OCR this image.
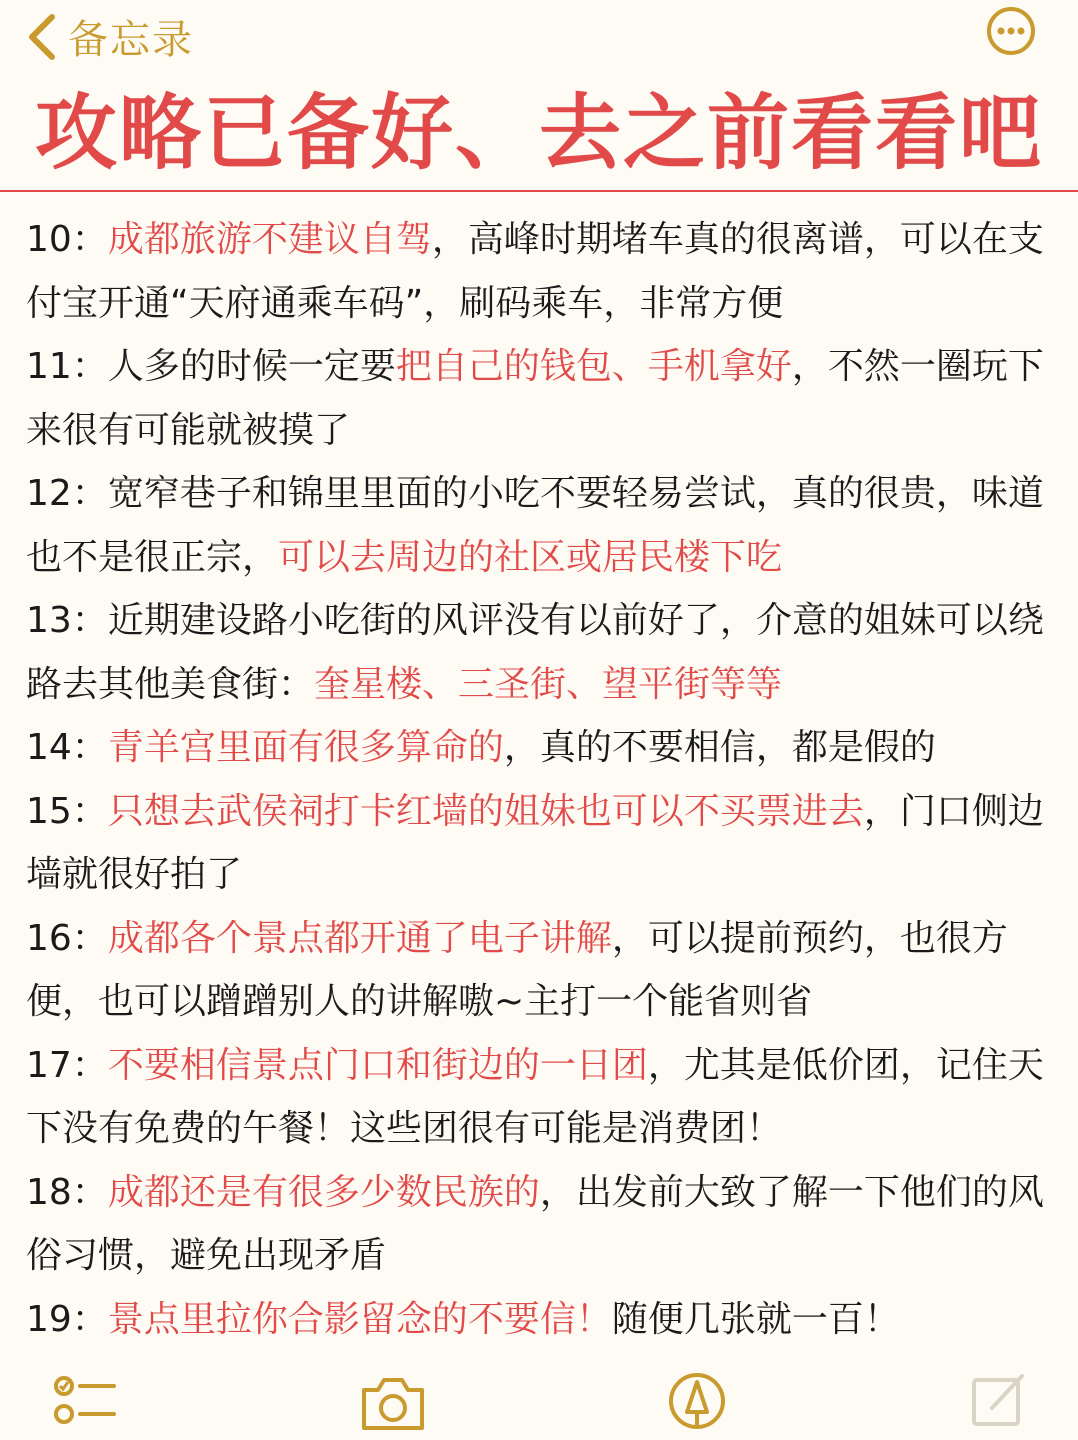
备忘录
攻略已备好、去之前看看吧

10：成都旅游不建议自驾，高峰时期堵车真的很离谱，可以在支付宝开通“天府通乘车码”，刷码乘车，非常方便

11：人多的时候一定要把自己的钱包、手机拿好，不然一圈玩下来很有可能就被摸了

12：宽窄巷子和锦里里面的小吃不要轻易尝试，真的很贵，味道也不是很正宗，可以去周边的社区或居民楼下吃

13：近期建设路小吃街的风评没有以前好了，介意的姐妹可以绕路去其他美食街：奎星楼、三圣街、望平街等等

14：青羊宫里面有很多算命的，真的不要相信，都是假的

15：只想去武侯祠打卡红墙的姐妹也可以不买票进去，门口侧边墙就很好拍了

16：成都各个景点都开通了电子讲解，可以提前预约，也很方便，也可以蹭蹭别人的讲解嗷~主打一个能省则省

17：不要相信景点门口和街边的一日团，尤其是低价团，记住天下没有免费的午餐！这些团很有可能是消费团！

18：成都还是有很多少数民族的，出发前大致了解一下他们的风俗习惯，避免出现矛盾

19：景点里拉你合影留念的不要信！随便几张就一百！
